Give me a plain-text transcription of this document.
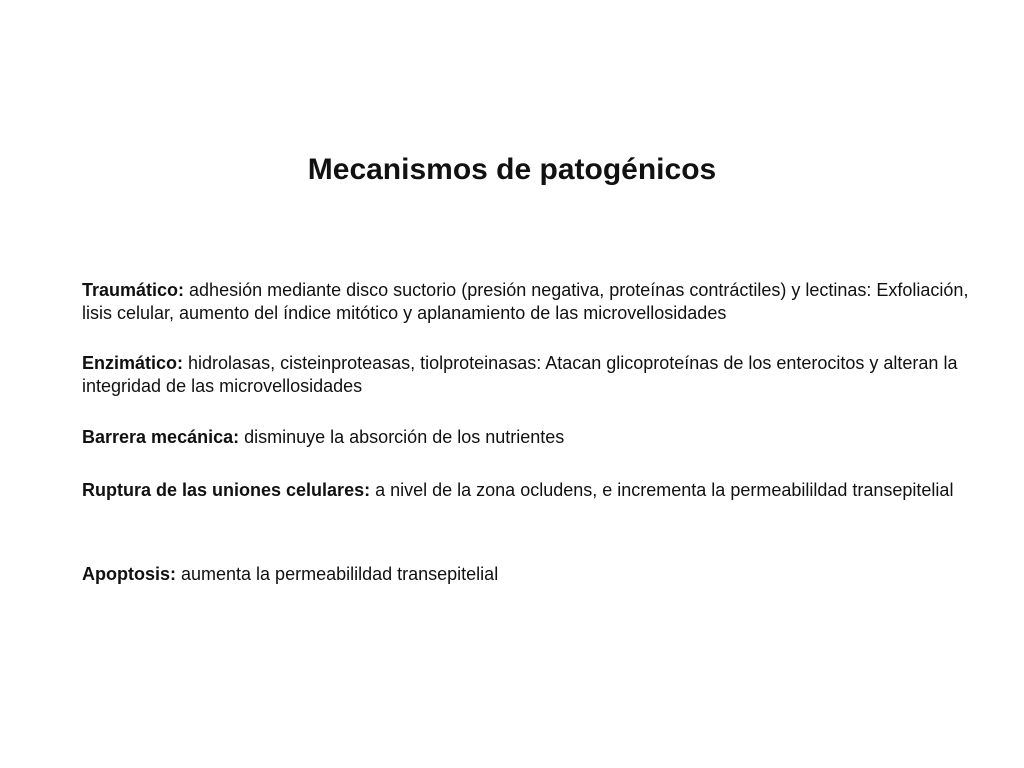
Mecanismos de patogénicos

Traumático: adhesión mediante disco suctorio (presión negativa, proteínas contráctiles) y lectinas: Exfoliación, lisis celular, aumento del índice mitótico y aplanamiento de las microvellosidades

Enzimático: hidrolasas, cisteinproteasas, tiolproteinasas: Atacan glicoproteínas de los enterocitos y alteran la integridad de las microvellosidades

Barrera mecánica: disminuye la absorción de los nutrientes

Ruptura de las uniones celulares: a nivel de la zona ocludens, e incrementa la permeabilildad transepitelial

Apoptosis: aumenta la permeabilildad transepitelial
